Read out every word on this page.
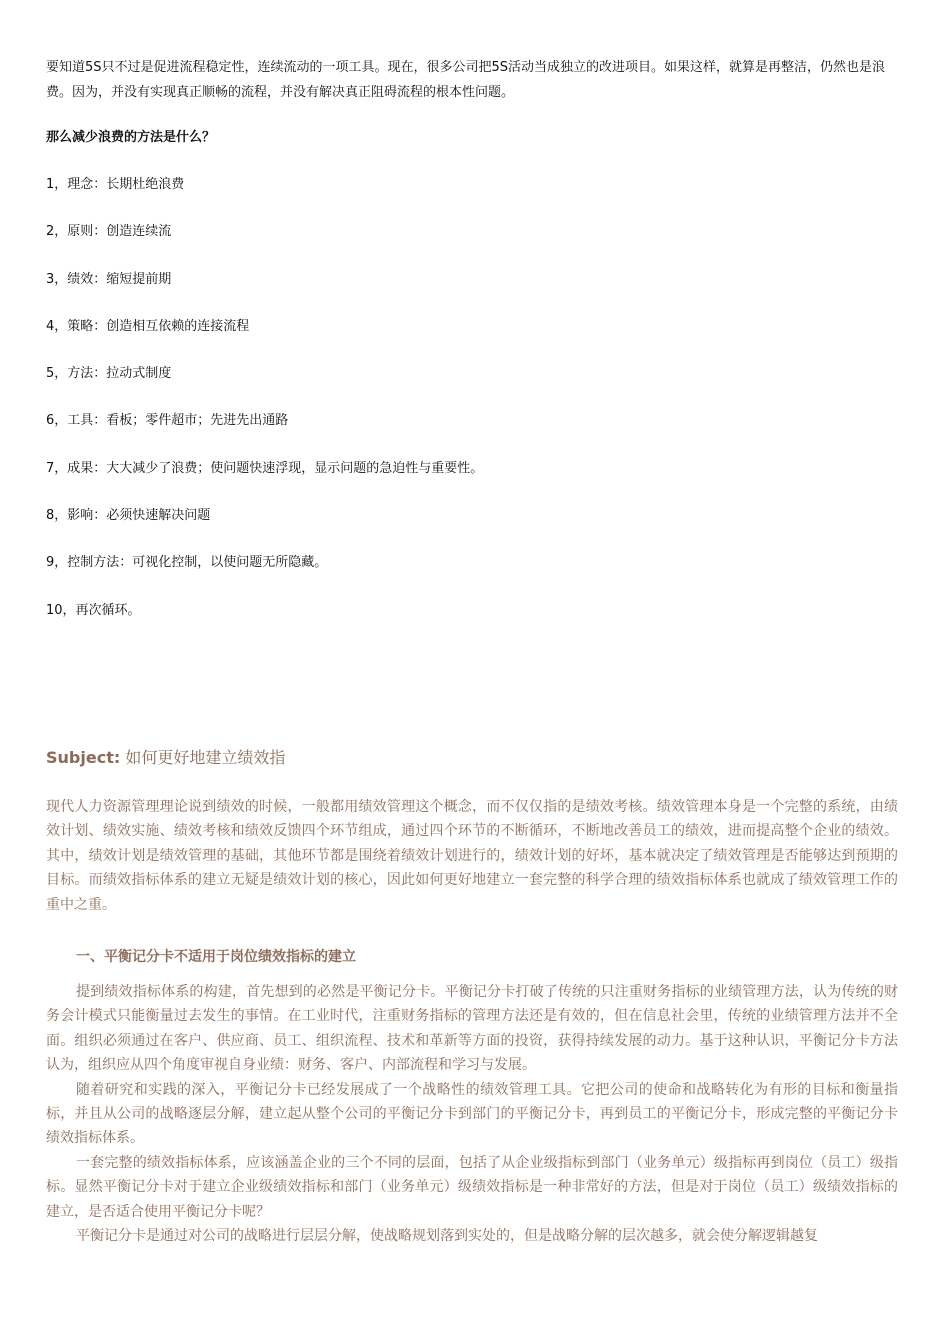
要知道5S只不过是促进流程稳定性，连续流动的一项工具。现在，很多公司把5S活动当成独立的改进项目。如果这样，就算是再整洁，仍然也是浪费。因为，并没有实现真正顺畅的流程，并没有解决真正阻碍流程的根本性问题。

那么减少浪费的方法是什么？

1，理念：长期杜绝浪费
2，原则：创造连续流
3，绩效：缩短提前期
4，策略：创造相互依赖的连接流程
5，方法：拉动式制度
6，工具：看板；零件超市；先进先出通路
7，成果：大大减少了浪费；使问题快速浮现，显示问题的急迫性与重要性。
8，影响：必须快速解决问题
9，控制方法：可视化控制，以使问题无所隐藏。
10，再次循环。

Subject: 如何更好地建立绩效指

现代人力资源管理理论说到绩效的时候，一般都用绩效管理这个概念，而不仅仅指的是绩效考核。绩效管理本身是一个完整的系统，由绩效计划、绩效实施、绩效考核和绩效反馈四个环节组成，通过四个环节的不断循环，不断地改善员工的绩效，进而提高整个企业的绩效。其中，绩效计划是绩效管理的基础，其他环节都是围绕着绩效计划进行的，绩效计划的好坏，基本就决定了绩效管理是否能够达到预期的目标。而绩效指标体系的建立无疑是绩效计划的核心，因此如何更好地建立一套完整的科学合理的绩效指标体系也就成了绩效管理工作的重中之重。

一、平衡记分卡不适用于岗位绩效指标的建立

提到绩效指标体系的构建，首先想到的必然是平衡记分卡。平衡记分卡打破了传统的只注重财务指标的业绩管理方法，认为传统的财务会计模式只能衡量过去发生的事情。在工业时代，注重财务指标的管理方法还是有效的，但在信息社会里，传统的业绩管理方法并不全面。组织必须通过在客户、供应商、员工、组织流程、技术和革新等方面的投资，获得持续发展的动力。基于这种认识，平衡记分卡方法认为，组织应从四个角度审视自身业绩：财务、客户、内部流程和学习与发展。

随着研究和实践的深入，平衡记分卡已经发展成了一个战略性的绩效管理工具。它把公司的使命和战略转化为有形的目标和衡量指标，并且从公司的战略逐层分解，建立起从整个公司的平衡记分卡到部门的平衡记分卡，再到员工的平衡记分卡，形成完整的平衡记分卡绩效指标体系。

一套完整的绩效指标体系，应该涵盖企业的三个不同的层面，包括了从企业级指标到部门（业务单元）级指标再到岗位（员工）级指标。显然平衡记分卡对于建立企业级绩效指标和部门（业务单元）级绩效指标是一种非常好的方法，但是对于岗位（员工）级绩效指标的建立，是否适合使用平衡记分卡呢？

平衡记分卡是通过对公司的战略进行层层分解，使战略规划落到实处的，但是战略分解的层次越多，就会使分解逻辑越复
